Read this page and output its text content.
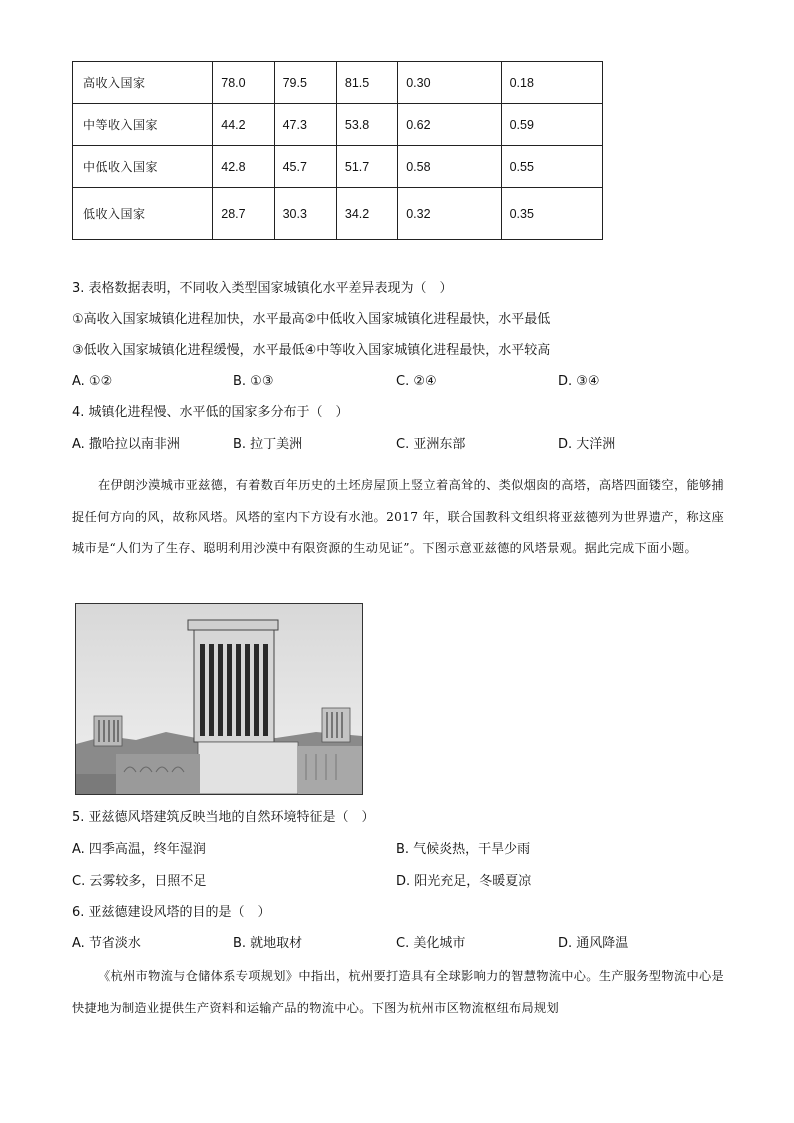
高收入国家	78.0	79.5	81.5	0.30	0.18
中等收入国家	44.2	47.3	53.8	0.62	0.59
中低收入国家	42.8	45.7	51.7	0.58	0.55
低收入国家	28.7	30.3	34.2	0.32	0.35
3. 表格数据表明，不同收入类型国家城镇化水平差异表现为（　）
①高收入国家城镇化进程加快，水平最高②中低收入国家城镇化进程最快，水平最低
③低收入国家城镇化进程缓慢，水平最低④中等收入国家城镇化进程最快，水平较高
A. ①②	B. ①③	C. ②④	D. ③④
4. 城镇化进程慢、水平低的国家多分布于（　）
A. 撒哈拉以南非洲	B. 拉丁美洲	C. 亚洲东部	D. 大洋洲
在伊朗沙漠城市亚兹德，有着数百年历史的土坯房屋顶上竖立着高耸的、类似烟囱的高塔，高塔四面镂空，能够捕捉任何方向的风，故称风塔。风塔的室内下方设有水池。2017 年，联合国教科文组织将亚兹德列为世界遗产，称这座城市是“人们为了生存、聪明利用沙漠中有限资源的生动见证”。下图示意亚兹德的风塔景观。据此完成下面小题。
5. 亚兹德风塔建筑反映当地的自然环境特征是（　）
A. 四季高温，终年湿润	B. 气候炎热，干旱少雨
C. 云雾较多，日照不足	D. 阳光充足，冬暖夏凉
6. 亚兹德建设风塔的目的是（　）
A. 节省淡水	B. 就地取材	C. 美化城市	D. 通风降温
《杭州市物流与仓储体系专项规划》中指出，杭州要打造具有全球影响力的智慧物流中心。生产服务型物流中心是快捷地为制造业提供生产资料和运输产品的物流中心。下图为杭州市区物流枢纽布局规划
